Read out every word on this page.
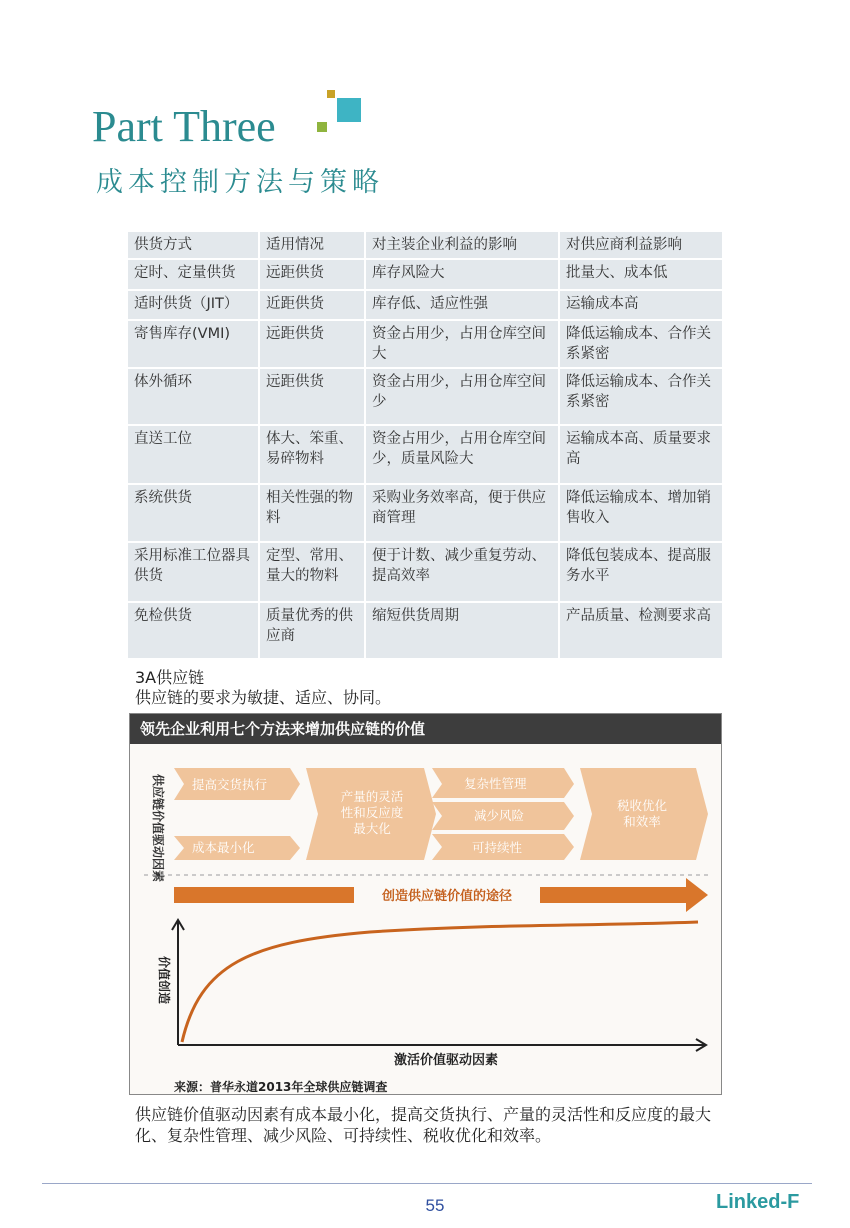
Part Three
成本控制方法与策略
供货方式	适用情况	对主装企业利益的影响	对供应商利益影响
定时、定量供货	远距供货	库存风险大	批量大、成本低
适时供货（JIT）	近距供货	库存低、适应性强	运输成本高
寄售库存(VMI)	远距供货	资金占用少，占用仓库空间大	降低运输成本、合作关系紧密
体外循环	远距供货	资金占用少，占用仓库空间少	降低运输成本、合作关系紧密
直送工位	体大、笨重、易碎物料	资金占用少，占用仓库空间少，质量风险大	运输成本高、质量要求高
系统供货	相关性强的物料	采购业务效率高，便于供应商管理	降低运输成本、增加销售收入
采用标准工位器具供货	定型、常用、量大的物料	便于计数、减少重复劳动、提高效率	降低包装成本、提高服务水平
免检供货	质量优秀的供应商	缩短供货周期	产品质量、检测要求高
3A供应链
供应链的要求为敏捷、适应、协同。
领先企业利用七个方法来增加供应链的价值
供应链价值驱动因素 提高交货执行
成本最小化
产量的灵活性和反应度最大化
复杂性管理
减少风险
可持续性
税收优化和效率
创造供应链价值的途径
价值创造
激活价值驱动因素
来源：普华永道2013年全球供应链调查
供应链价值驱动因素有成本最小化，提高交货执行、产量的灵活性和反应度的最大化、复杂性管理、减少风险、可持续性、税收优化和效率。
55	Linked-F
